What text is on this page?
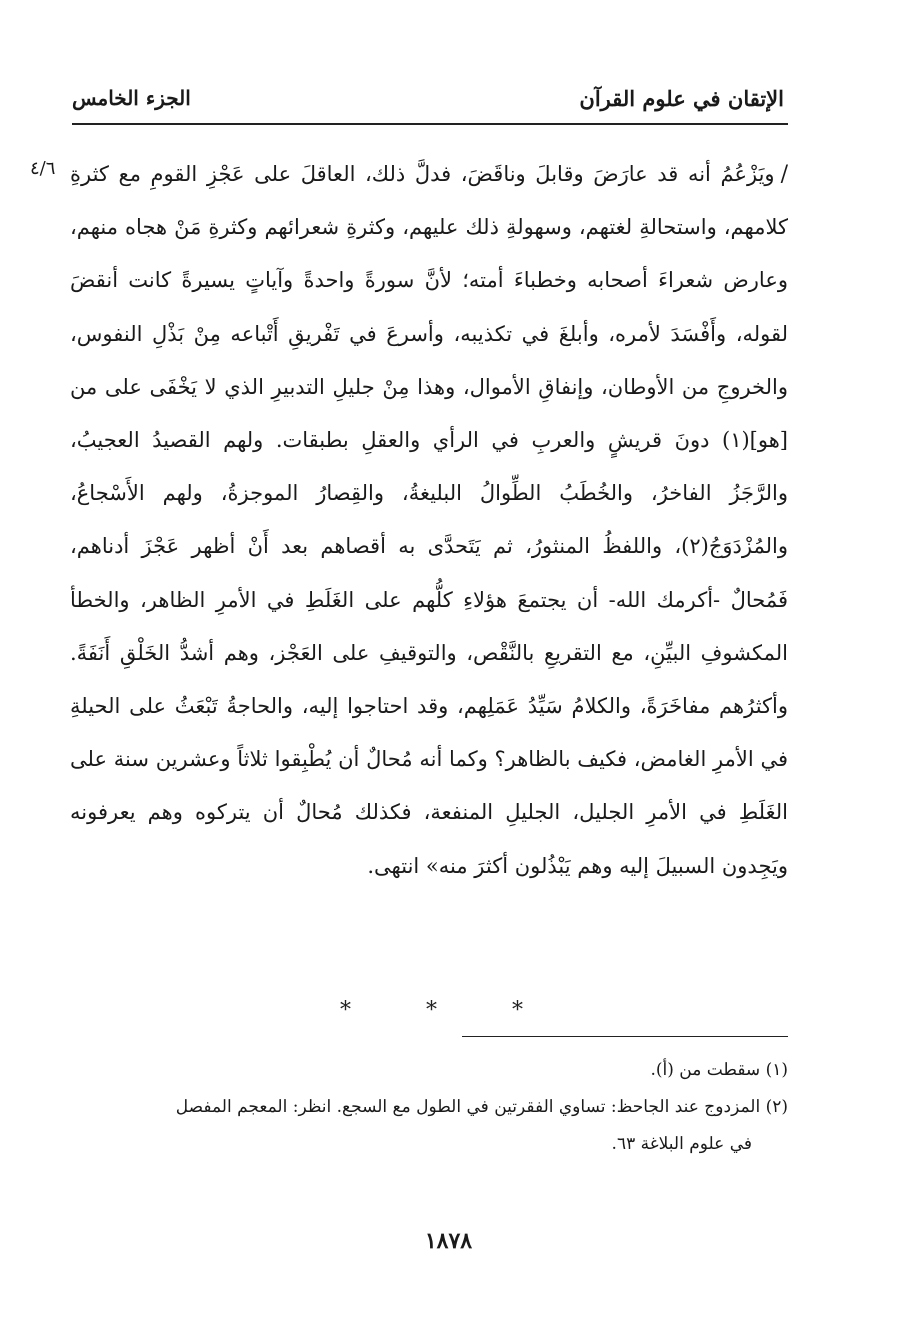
الإتقان في علوم القرآن
الجزء الخامس
٤/٦	/ويَزْعُمُ أنه قد عارَضَ وقابلَ وناقَضَ، فدلَّ ذلك، العاقلَ على عَجْزِ القومِ مع كثرةِ كلامهم، واستحالةِ لغتهم، وسهولةِ ذلك عليهم، وكثرةِ شعرائهم وكثرةِ مَنْ هجاه منهم، وعارض شعراءَ أصحابه وخطباءَ أمته؛ لأنَّ سورةً واحدةً وآياتٍ يسيرةً كانت أنقضَ لقوله، وأَفْسَدَ لأمره، وأبلغَ في تكذيبه، وأسرعَ في تَفْريقِ أَتْباعه مِنْ بَذْلِ النفوس، والخروجِ من الأوطان، وإنفاقِ الأموال، وهذا مِنْ جليلِ التدبيرِ الذي لا يَخْفَى على من [هو](١) دونَ قريشٍ والعربِ في الرأي والعقلِ بطبقات. ولهم القصيدُ العجيبُ، والرَّجَزُ الفاخرُ، والخُطَبُ الطِّوالُ البليغةُ، والقِصارُ الموجزةُ، ولهم الأَسْجاعُ، والمُزْدَوَجُ(٢)، واللفظُ المنثورُ، ثم يَتَحدَّى به أقصاهم بعد أَنْ أظهر عَجْزَ أدناهم، فَمُحالٌ -أكرمك الله- أن يجتمعَ هؤلاءِ كلُّهم على الغَلَطِ في الأمرِ الظاهر، والخطأ المكشوفِ البيِّنِ، مع التقريعِ بالنَّقْص، والتوقيفِ على العَجْز، وهم أشدُّ الخَلْقِ أَنَفَةً. وأكثرُهم مفاخَرَةً، والكلامُ سَيِّدُ عَمَلِهم، وقد احتاجوا إليه، والحاجةُ تَبْعَثُ على الحيلةِ في الأمرِ الغامض، فكيف بالظاهر؟ وكما أنه مُحالٌ أن يُطْبِقوا ثلاثاً وعشرين سنة على الغَلَطِ في الأمرِ الجليل، الجليلِ المنفعة، فكذلك مُحالٌ أن يتركوه وهم يعرفونه ويَجِدون السبيلَ إليه وهم يَبْذُلون أكثرَ منه» انتهى.

* * *

(١) سقطت من (أ).

(٢) المزدوج عند الجاحظ: تساوي الفقرتين في الطول مع السجع. انظر: المعجم المفصل

في علوم البلاغة ٦٣.

١٨٧٨
